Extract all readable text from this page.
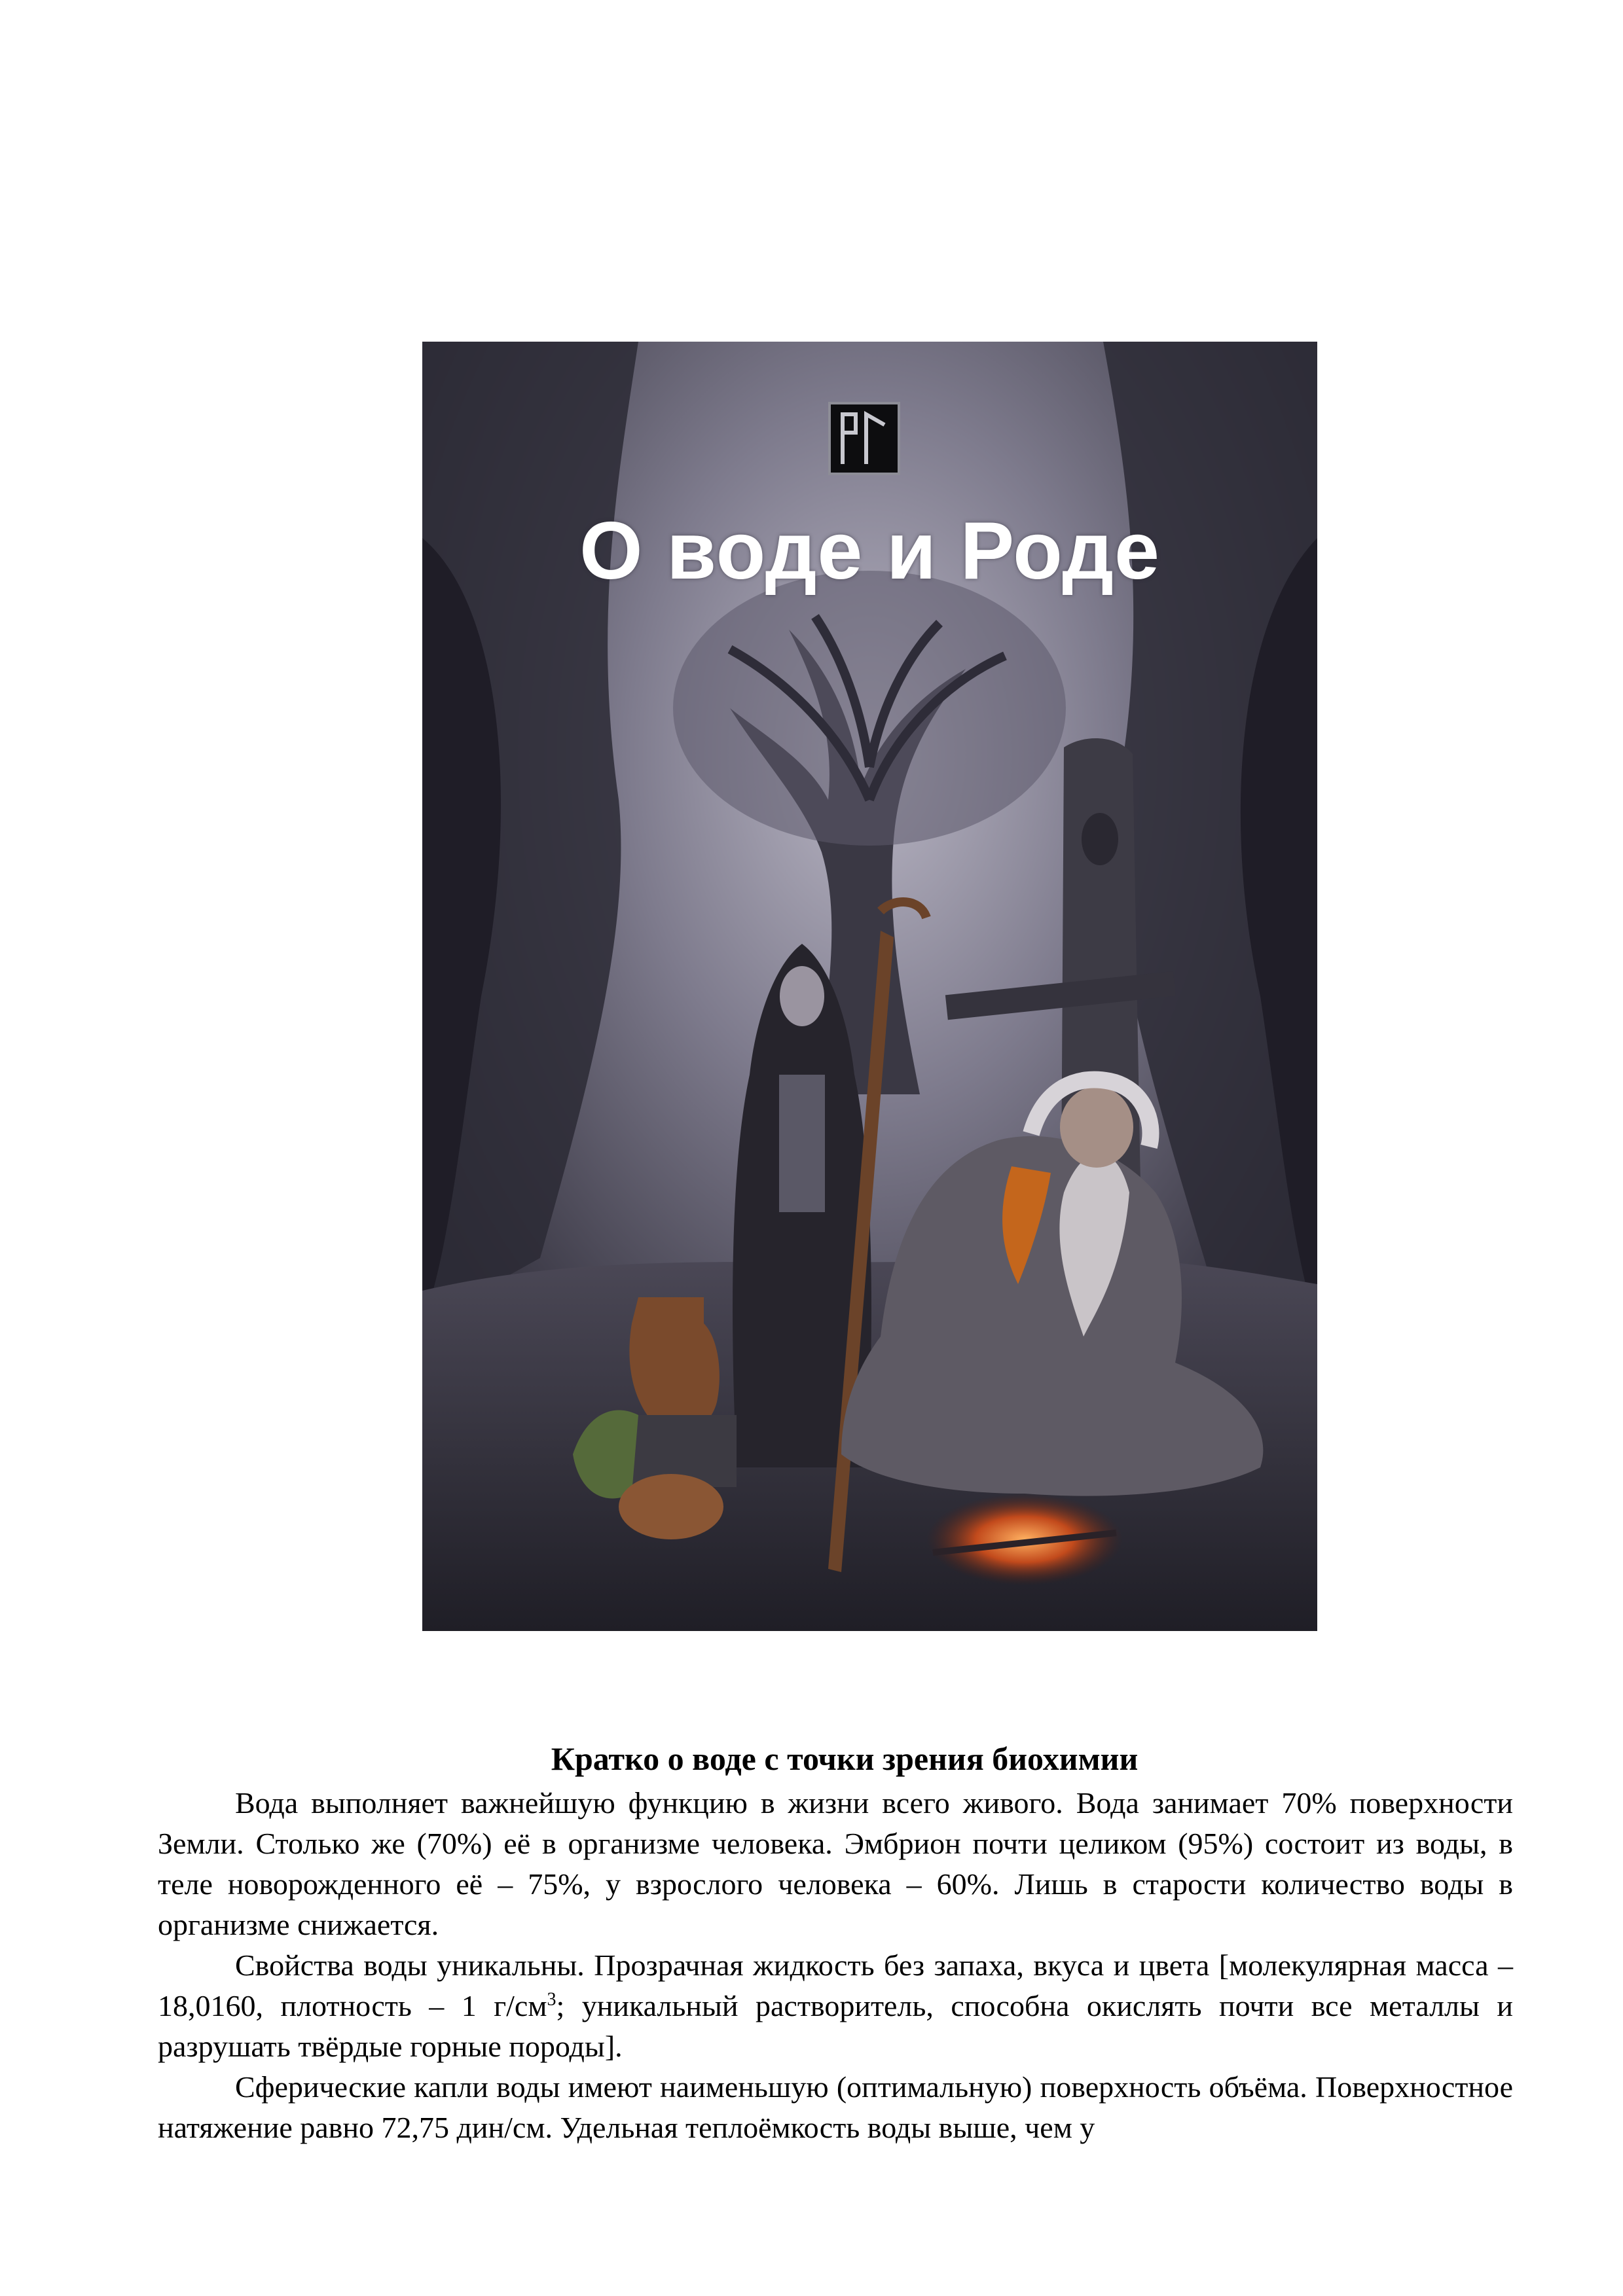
О воде и Роде
Кратко о воде с точки зрения биохимии

Вода выполняет важнейшую функцию в жизни всего живого. Вода занимает 70% поверхности Земли. Столько же (70%) её в организме человека. Эмбрион почти целиком (95%) состоит из воды, в теле новорожденного её – 75%, у взрослого человека – 60%. Лишь в старости количество воды в организме снижается.

Свойства воды уникальны. Прозрачная жидкость без запаха, вкуса и цвета [молекулярная масса – 18,0160, плотность – 1 $г/см^3$; уникальный растворитель, способна окислять почти все металлы и разрушать твёрдые горные породы].

Сферические капли воды имеют наименьшую (оптимальную) поверхность объёма. Поверхностное натяжение равно 72,75 дин/см. Удельная теплоёмкость воды выше, чем у
